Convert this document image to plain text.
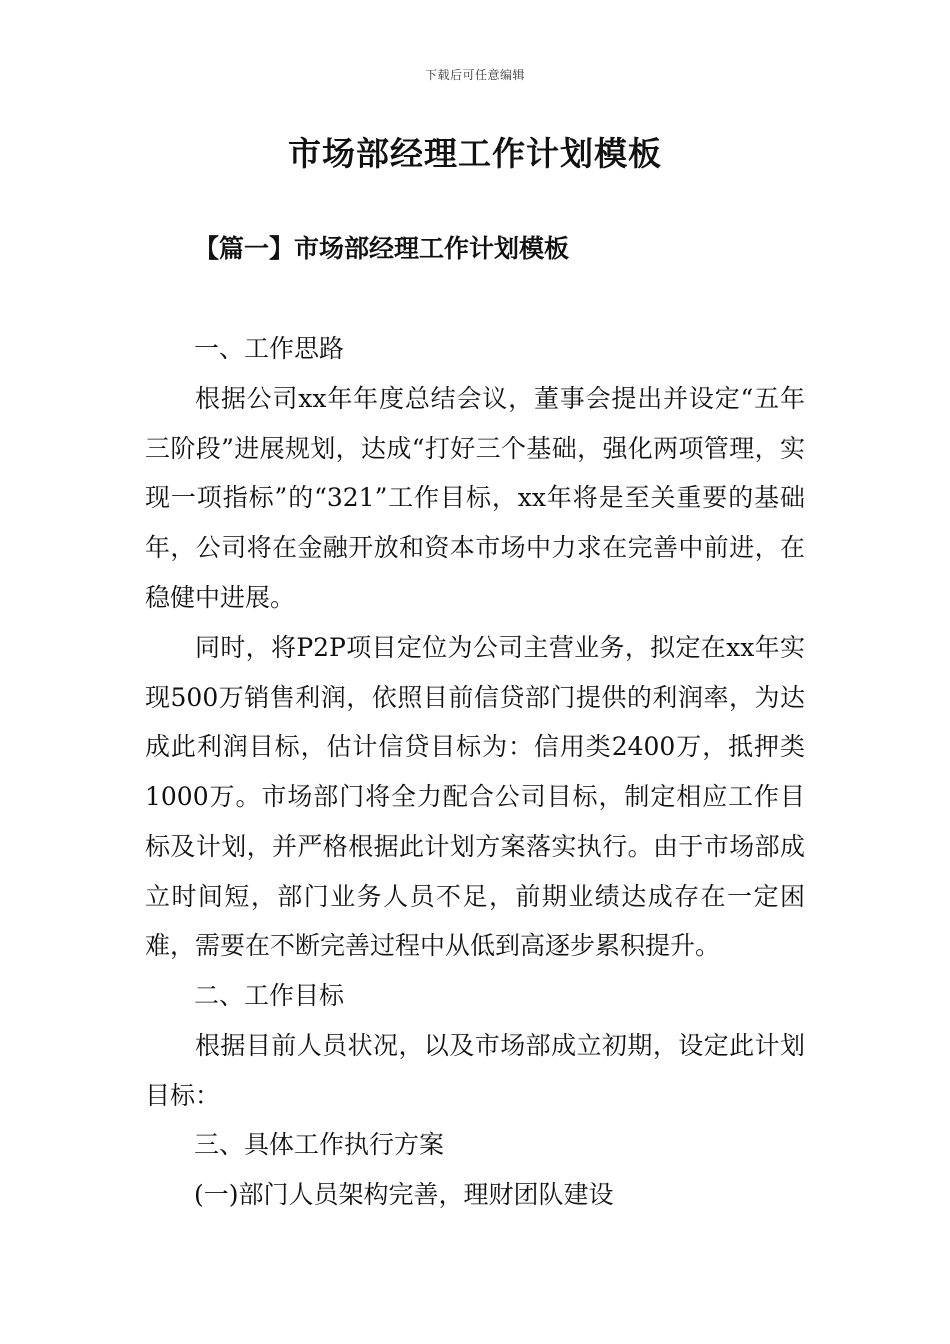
下载后可任意编辑
市场部经理工作计划模板
【篇一】市场部经理工作计划模板

一、工作思路

根据公司xx年年度总结会议，董事会提出并设定“五年三阶段”进展规划，达成“打好三个基础，强化两项管理，实现一项指标”的“321”工作目标，xx年将是至关重要的基础年，公司将在金融开放和资本市场中力求在完善中前进，在稳健中进展。

同时，将P2P项目定位为公司主营业务，拟定在xx年实现500万销售利润，依照目前信贷部门提供的利润率，为达成此利润目标，估计信贷目标为：信用类2400万，抵押类1000万。市场部门将全力配合公司目标，制定相应工作目标及计划，并严格根据此计划方案落实执行。由于市场部成立时间短，部门业务人员不足，前期业绩达成存在一定困难，需要在不断完善过程中从低到高逐步累积提升。

二、工作目标

根据目前人员状况，以及市场部成立初期，设定此计划目标：

三、具体工作执行方案

(一)部门人员架构完善，理财团队建设
